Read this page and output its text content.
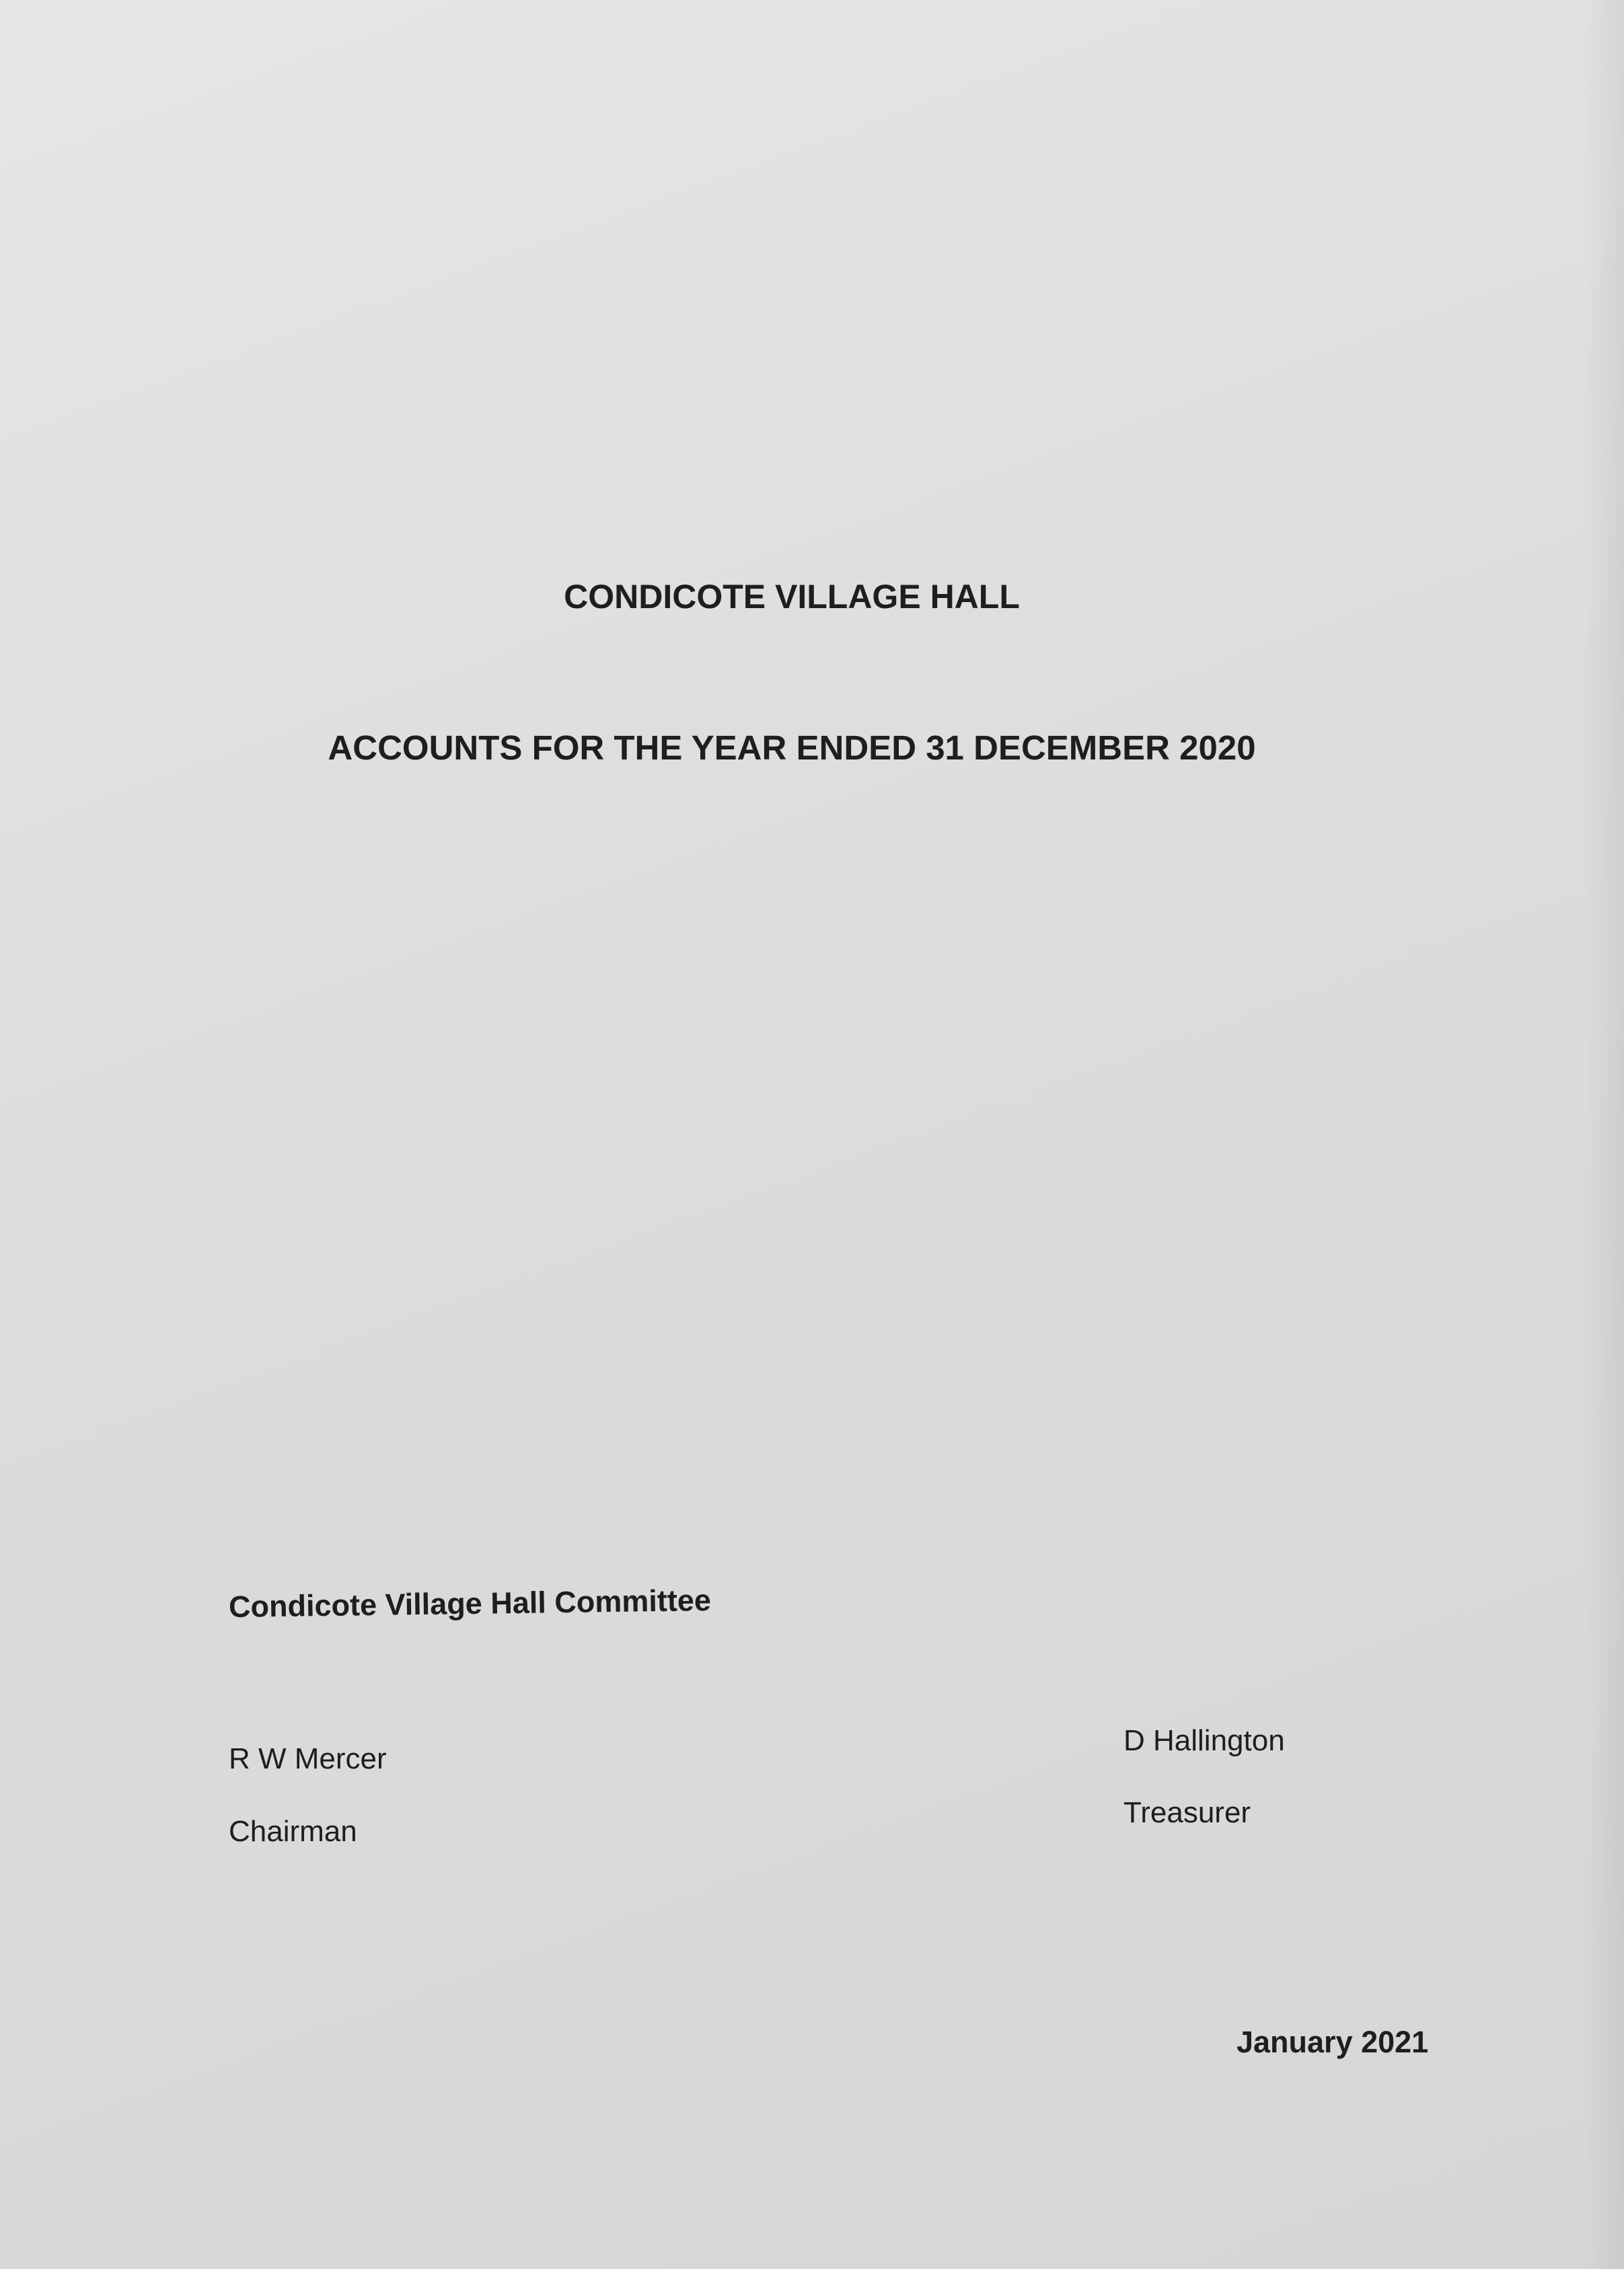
CONDICOTE VILLAGE HALL
ACCOUNTS FOR THE YEAR ENDED 31 DECEMBER 2020
Condicote Village Hall Committee
R W Mercer
Chairman
D Hallington
Treasurer
January 2021
